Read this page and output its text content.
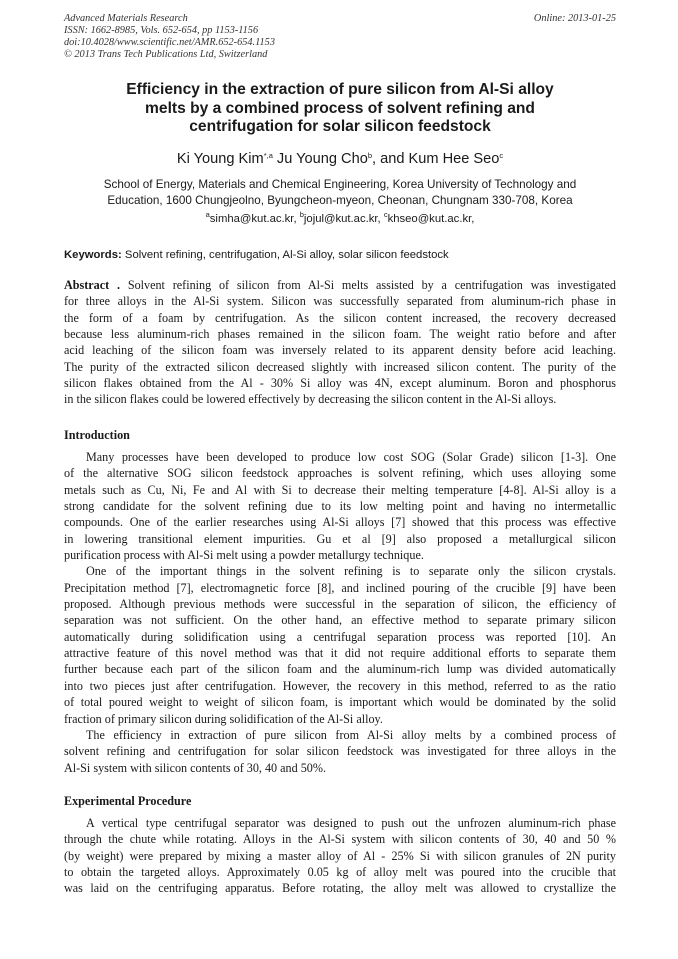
Advanced Materials Research	Online: 2013-01-25
ISSN: 1662-8985, Vols. 652-654, pp 1153-1156
doi:10.4028/www.scientific.net/AMR.652-654.1153
© 2013 Trans Tech Publications Ltd, Switzerland
Efficiency in the extraction of pure silicon from Al-Si alloy
melts by a combined process of solvent refining and
centrifugation for solar silicon feedstock
Ki Young Kim$^{*,a}$ Ju Young Cho$^b$, and Kum Hee Seo$^c$
School of Energy, Materials and Chemical Engineering, Korea University of Technology and
Education, 1600 Chungjeolno, Byungcheon-myeon, Cheonan, Chungnam 330-708, Korea
$^a$simha@kut.ac.kr, $^b$jojul@kut.ac.kr, $^c$khseo@kut.ac.kr,
Keywords: Solvent refining, centrifugation, Al-Si alloy, solar silicon feedstock
Abstract . Solvent refining of silicon from Al-Si melts assisted by a centrifugation was investigated
for three alloys in the Al-Si system. Silicon was successfully separated from aluminum-rich phase in
the form of a foam by centrifugation. As the silicon content increased, the recovery decreased
because less aluminum-rich phases remained in the silicon foam. The weight ratio before and after
acid leaching of the silicon foam was inversely related to its apparent density before acid leaching.
The purity of the extracted silicon decreased slightly with increased silicon content. The purity of the
silicon flakes obtained from the Al - 30% Si alloy was 4N, except aluminum. Boron and phosphorus
in the silicon flakes could be lowered effectively by decreasing the silicon content in the Al-Si alloys.
Introduction
Many processes have been developed to produce low cost SOG (Solar Grade) silicon [1-3]. One
of the alternative SOG silicon feedstock approaches is solvent refining, which uses alloying some
metals such as Cu, Ni, Fe and Al with Si to decrease their melting temperature [4-8]. Al-Si alloy is a
strong candidate for the solvent refining due to its low melting point and having no intermetallic
compounds. One of the earlier researches using Al-Si alloys [7] showed that this process was effective
in lowering transitional element impurities. Gu et al [9] also proposed a metallurgical silicon
purification process with Al-Si melt using a powder metallurgy technique.
One of the important things in the solvent refining is to separate only the silicon crystals.
Precipitation method [7], electromagnetic force [8], and inclined pouring of the crucible [9] have been
proposed. Although previous methods were successful in the separation of silicon, the efficiency of
separation was not sufficient. On the other hand, an effective method to separate primary silicon
automatically during solidification using a centrifugal separation process was reported [10]. An
attractive feature of this novel method was that it did not require additional efforts to separate them
further because each part of the silicon foam and the aluminum-rich lump was divided automatically
into two pieces just after centrifugation. However, the recovery in this method, referred to as the ratio
of total poured weight to weight of silicon foam, is important which would be dominated by the solid
fraction of primary silicon during solidification of the Al-Si alloy.
The efficiency in extraction of pure silicon from Al-Si alloy melts by a combined process of
solvent refining and centrifugation for solar silicon feedstock was investigated for three alloys in the
Al-Si system with silicon contents of 30, 40 and 50%.
Experimental Procedure
A vertical type centrifugal separator was designed to push out the unfrozen aluminum-rich phase
through the chute while rotating. Alloys in the Al-Si system with silicon contents of 30, 40 and 50 %
(by weight) were prepared by mixing a master alloy of Al - 25% Si with silicon granules of 2N purity
to obtain the targeted alloys. Approximately 0.05 kg of alloy melt was poured into the crucible that
was laid on the centrifuging apparatus. Before rotating, the alloy melt was allowed to crystallize the
